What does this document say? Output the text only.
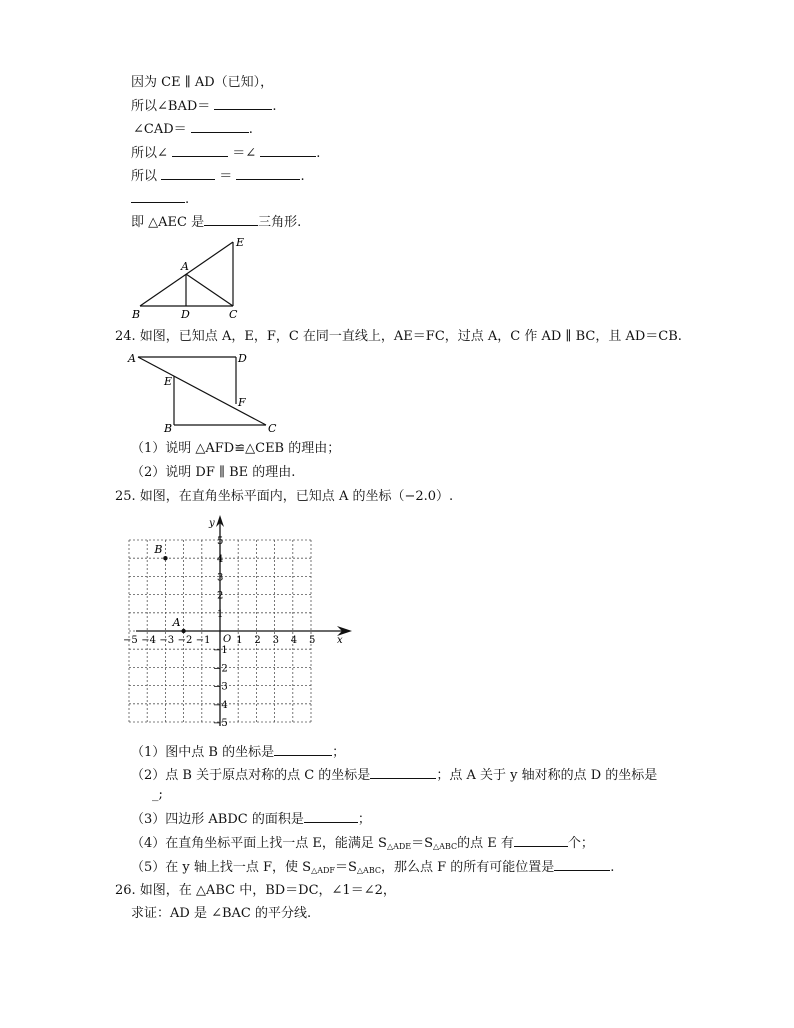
因为 CE ∥ AD（已知），
所以∠BAD＝	.
∠CAD＝	.
所以∠	＝∠	.
所以	＝	.
.
即 △AEC 是	三角形.
E
A
B	D	C
24. 如图，已知点 A，E，F，C 在同一直线上，AE＝FC，过点 A，C 作 AD ∥ BC，且 AD＝CB.
A	D
E
F
B	C
（1）说明 △AFD≌△CEB 的理由；
（2）说明 DF ∥ BE 的理由.
25. 如图，在直角坐标平面内，已知点 A 的坐标（−2.0）.
−5 −4 −3 −2 −1	1 2 3 4 5
5
4
3
2
1
−1
−2
−3
−4
−5
x
y
O
B
A
（1）图中点 B 的坐标是	；
（2）点 B 关于原点对称的点 C 的坐标是	；点 A 关于 y 轴对称的点 D 的坐标是
_;
（3）四边形 ABDC 的面积是	；
（4）在直角坐标平面上找一点 E，能满足 $S_{\triangle ADE}=S_{\triangle ABC}$的点 E 有	个；
（5）在 y 轴上找一点 F，使 $S_{\triangle ADF}=S_{\triangle ABC}$，那么点 F 的所有可能位置是	.
26. 如图，在 △ABC 中，BD＝DC，∠1＝∠2，
求证：AD 是 ∠BAC 的平分线.
